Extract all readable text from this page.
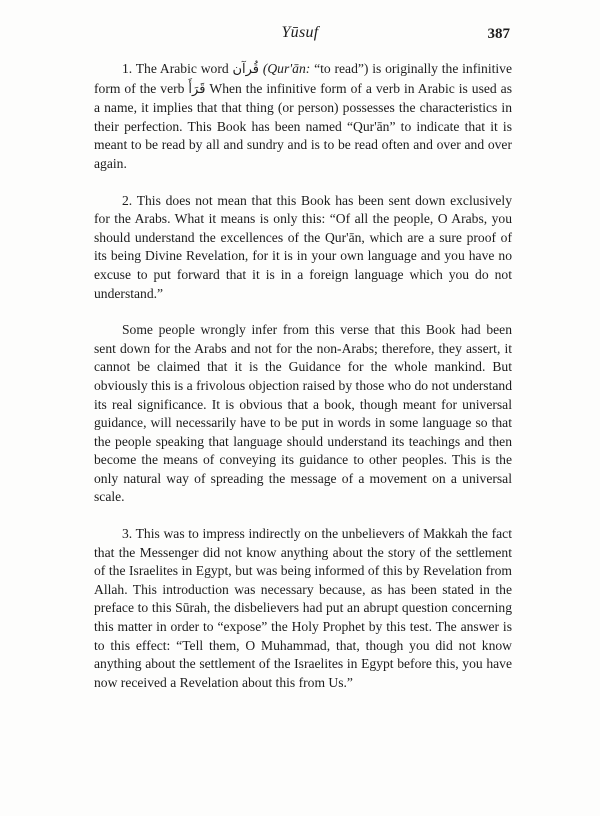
Yūsuf	387

1. The Arabic word قُرآن (Qur'ān: “to read”) is originally the infinitive form of the verb قَرَأَ When the infinitive form of a verb in Arabic is used as a name, it implies that that thing (or person) possesses the characteristics in their perfection. This Book has been named “Qur'ān” to indicate that it is meant to be read by all and sundry and is to be read often and over and over again.

2. This does not mean that this Book has been sent down exclusively for the Arabs. What it means is only this: “Of all the people, O Arabs, you should understand the excellences of the Qur'ān, which are a sure proof of its being Divine Revelation, for it is in your own language and you have no excuse to put forward that it is in a foreign language which you do not understand.”

Some people wrongly infer from this verse that this Book had been sent down for the Arabs and not for the non-Arabs; therefore, they assert, it cannot be claimed that it is the Guidance for the whole mankind. But obviously this is a frivolous objection raised by those who do not understand its real significance. It is obvious that a book, though meant for universal guidance, will necessarily have to be put in words in some language so that the people speaking that language should understand its teachings and then become the means of conveying its guidance to other peoples. This is the only natural way of spreading the message of a movement on a universal scale.

3. This was to impress indirectly on the unbelievers of Makkah the fact that the Messenger did not know anything about the story of the settlement of the Israelites in Egypt, but was being informed of this by Revelation from Allah. This introduction was necessary because, as has been stated in the preface to this Sūrah, the disbelievers had put an abrupt question concerning this matter in order to “expose” the Holy Prophet by this test. The answer is to this effect: “Tell them, O Muhammad, that, though you did not know anything about the settlement of the Israelites in Egypt before this, you have now received a Revelation about this from Us.”
